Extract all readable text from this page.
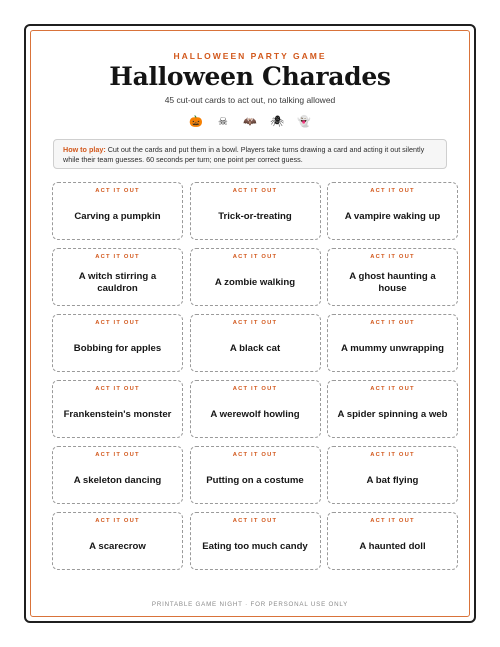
HALLOWEEN PARTY GAME
Halloween Charades
45 cut-out cards to act out, no talking allowed
🎃 ☠ 🦇 🕷 👻
How to play: Cut out the cards and put them in a bowl. Players take turns drawing a card and acting it out silently while their team guesses. 60 seconds per turn; one point per correct guess.
ACT IT OUT
Carving a pumpkin
ACT IT OUT
Trick-or-treating
ACT IT OUT
A vampire waking up
ACT IT OUT
A witch stirring a cauldron
ACT IT OUT
A zombie walking
ACT IT OUT
A ghost haunting a house
ACT IT OUT
Bobbing for apples
ACT IT OUT
A black cat
ACT IT OUT
A mummy unwrapping
ACT IT OUT
Frankenstein's monster
ACT IT OUT
A werewolf howling
ACT IT OUT
A spider spinning a web
ACT IT OUT
A skeleton dancing
ACT IT OUT
Putting on a costume
ACT IT OUT
A bat flying
ACT IT OUT
A scarecrow
ACT IT OUT
Eating too much candy
ACT IT OUT
A haunted doll
PRINTABLE GAME NIGHT · FOR PERSONAL USE ONLY
